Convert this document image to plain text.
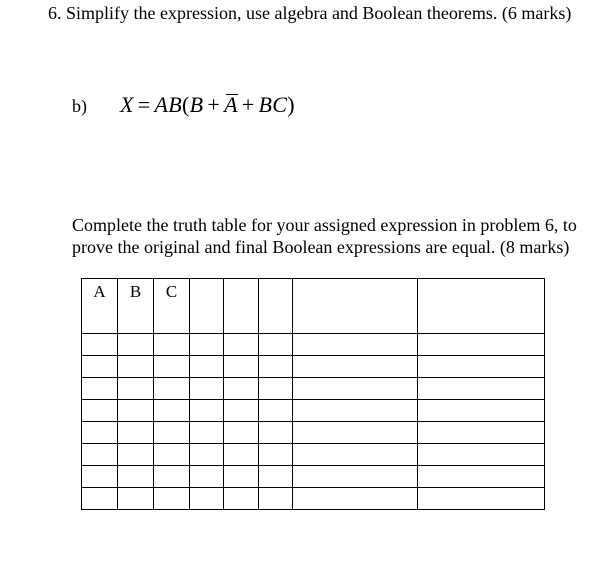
6. Simplify the expression, use algebra and Boolean theorems. (6 marks)
b) X = AB(B + A + BC)
Complete the truth table for your assigned expression in problem 6, to
prove the original and final Boolean expressions are equal. (8 marks)
A	B	C					
